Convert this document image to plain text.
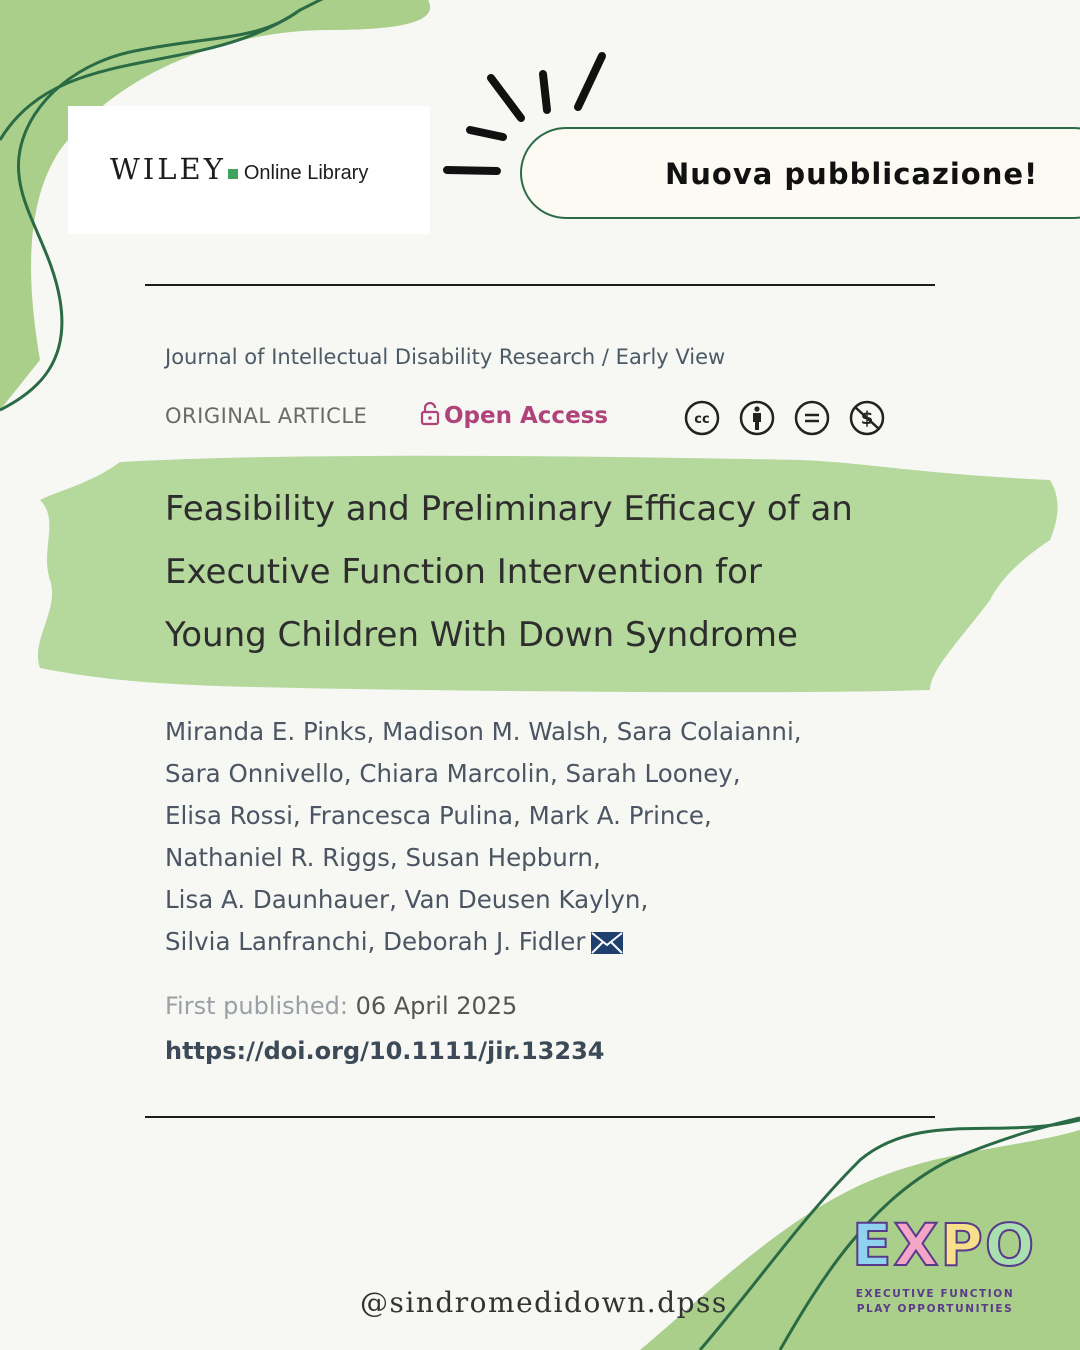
WILEY Online Library	Nuova pubblicazione!
Journal of Intellectual Disability Research / Early View
ORIGINAL ARTICLE	Open Access	cc	$
Feasibility and Preliminary Efficacy of an
Executive Function Intervention for
Young Children With Down Syndrome
Miranda E. Pinks, Madison M. Walsh, Sara Colaianni,
Sara Onnivello, Chiara Marcolin, Sarah Looney,
Elisa Rossi, Francesca Pulina, Mark A. Prince,
Nathaniel R. Riggs, Susan Hepburn,
Lisa A. Daunhauer, Van Deusen Kaylyn,
Silvia Lanfranchi, Deborah J. Fidler
First published: 06 April 2025
https://doi.org/10.1111/jir.13234
@sindromedidown.dpss
EXPO
EXECUTIVE FUNCTION
PLAY OPPORTUNITIES
